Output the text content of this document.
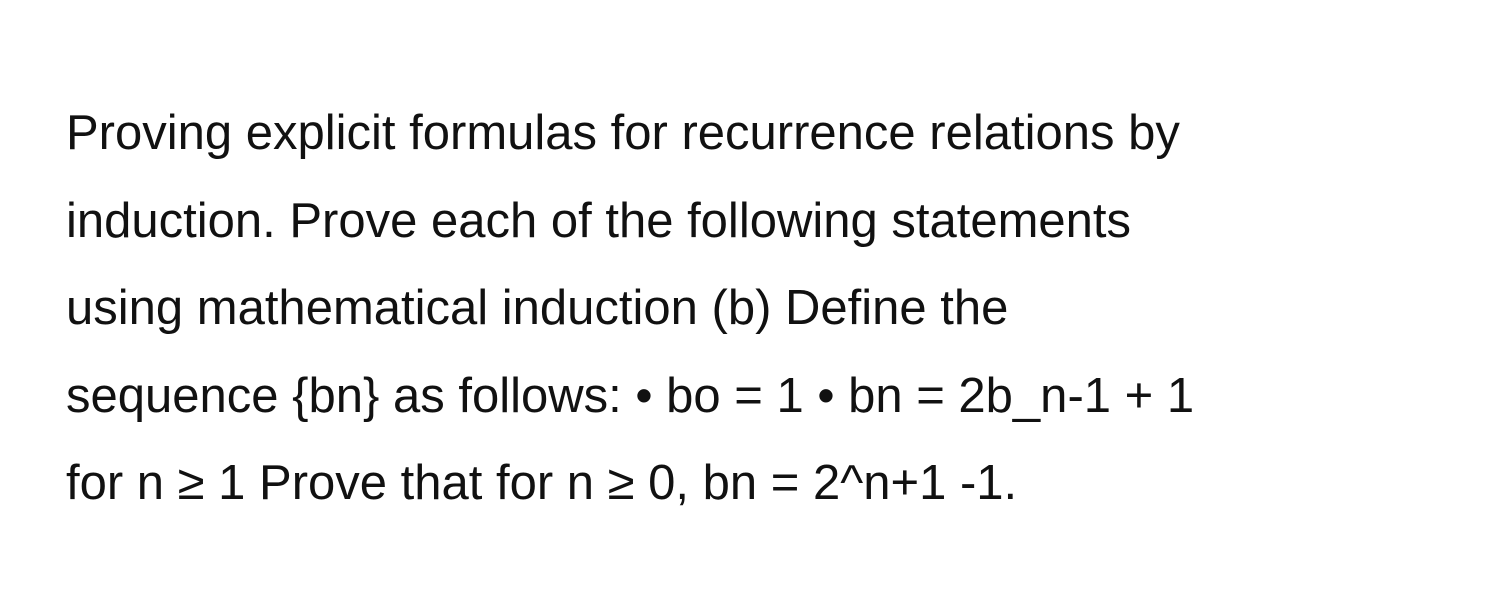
Proving explicit formulas for recurrence relations by
induction. Prove each of the following statements
using mathematical induction (b) Define the
sequence {bn} as follows: • bo = 1 • bn = 2b_n-1 + 1
for n ≥ 1 Prove that for n ≥ 0, bn = 2^n+1 -1.
